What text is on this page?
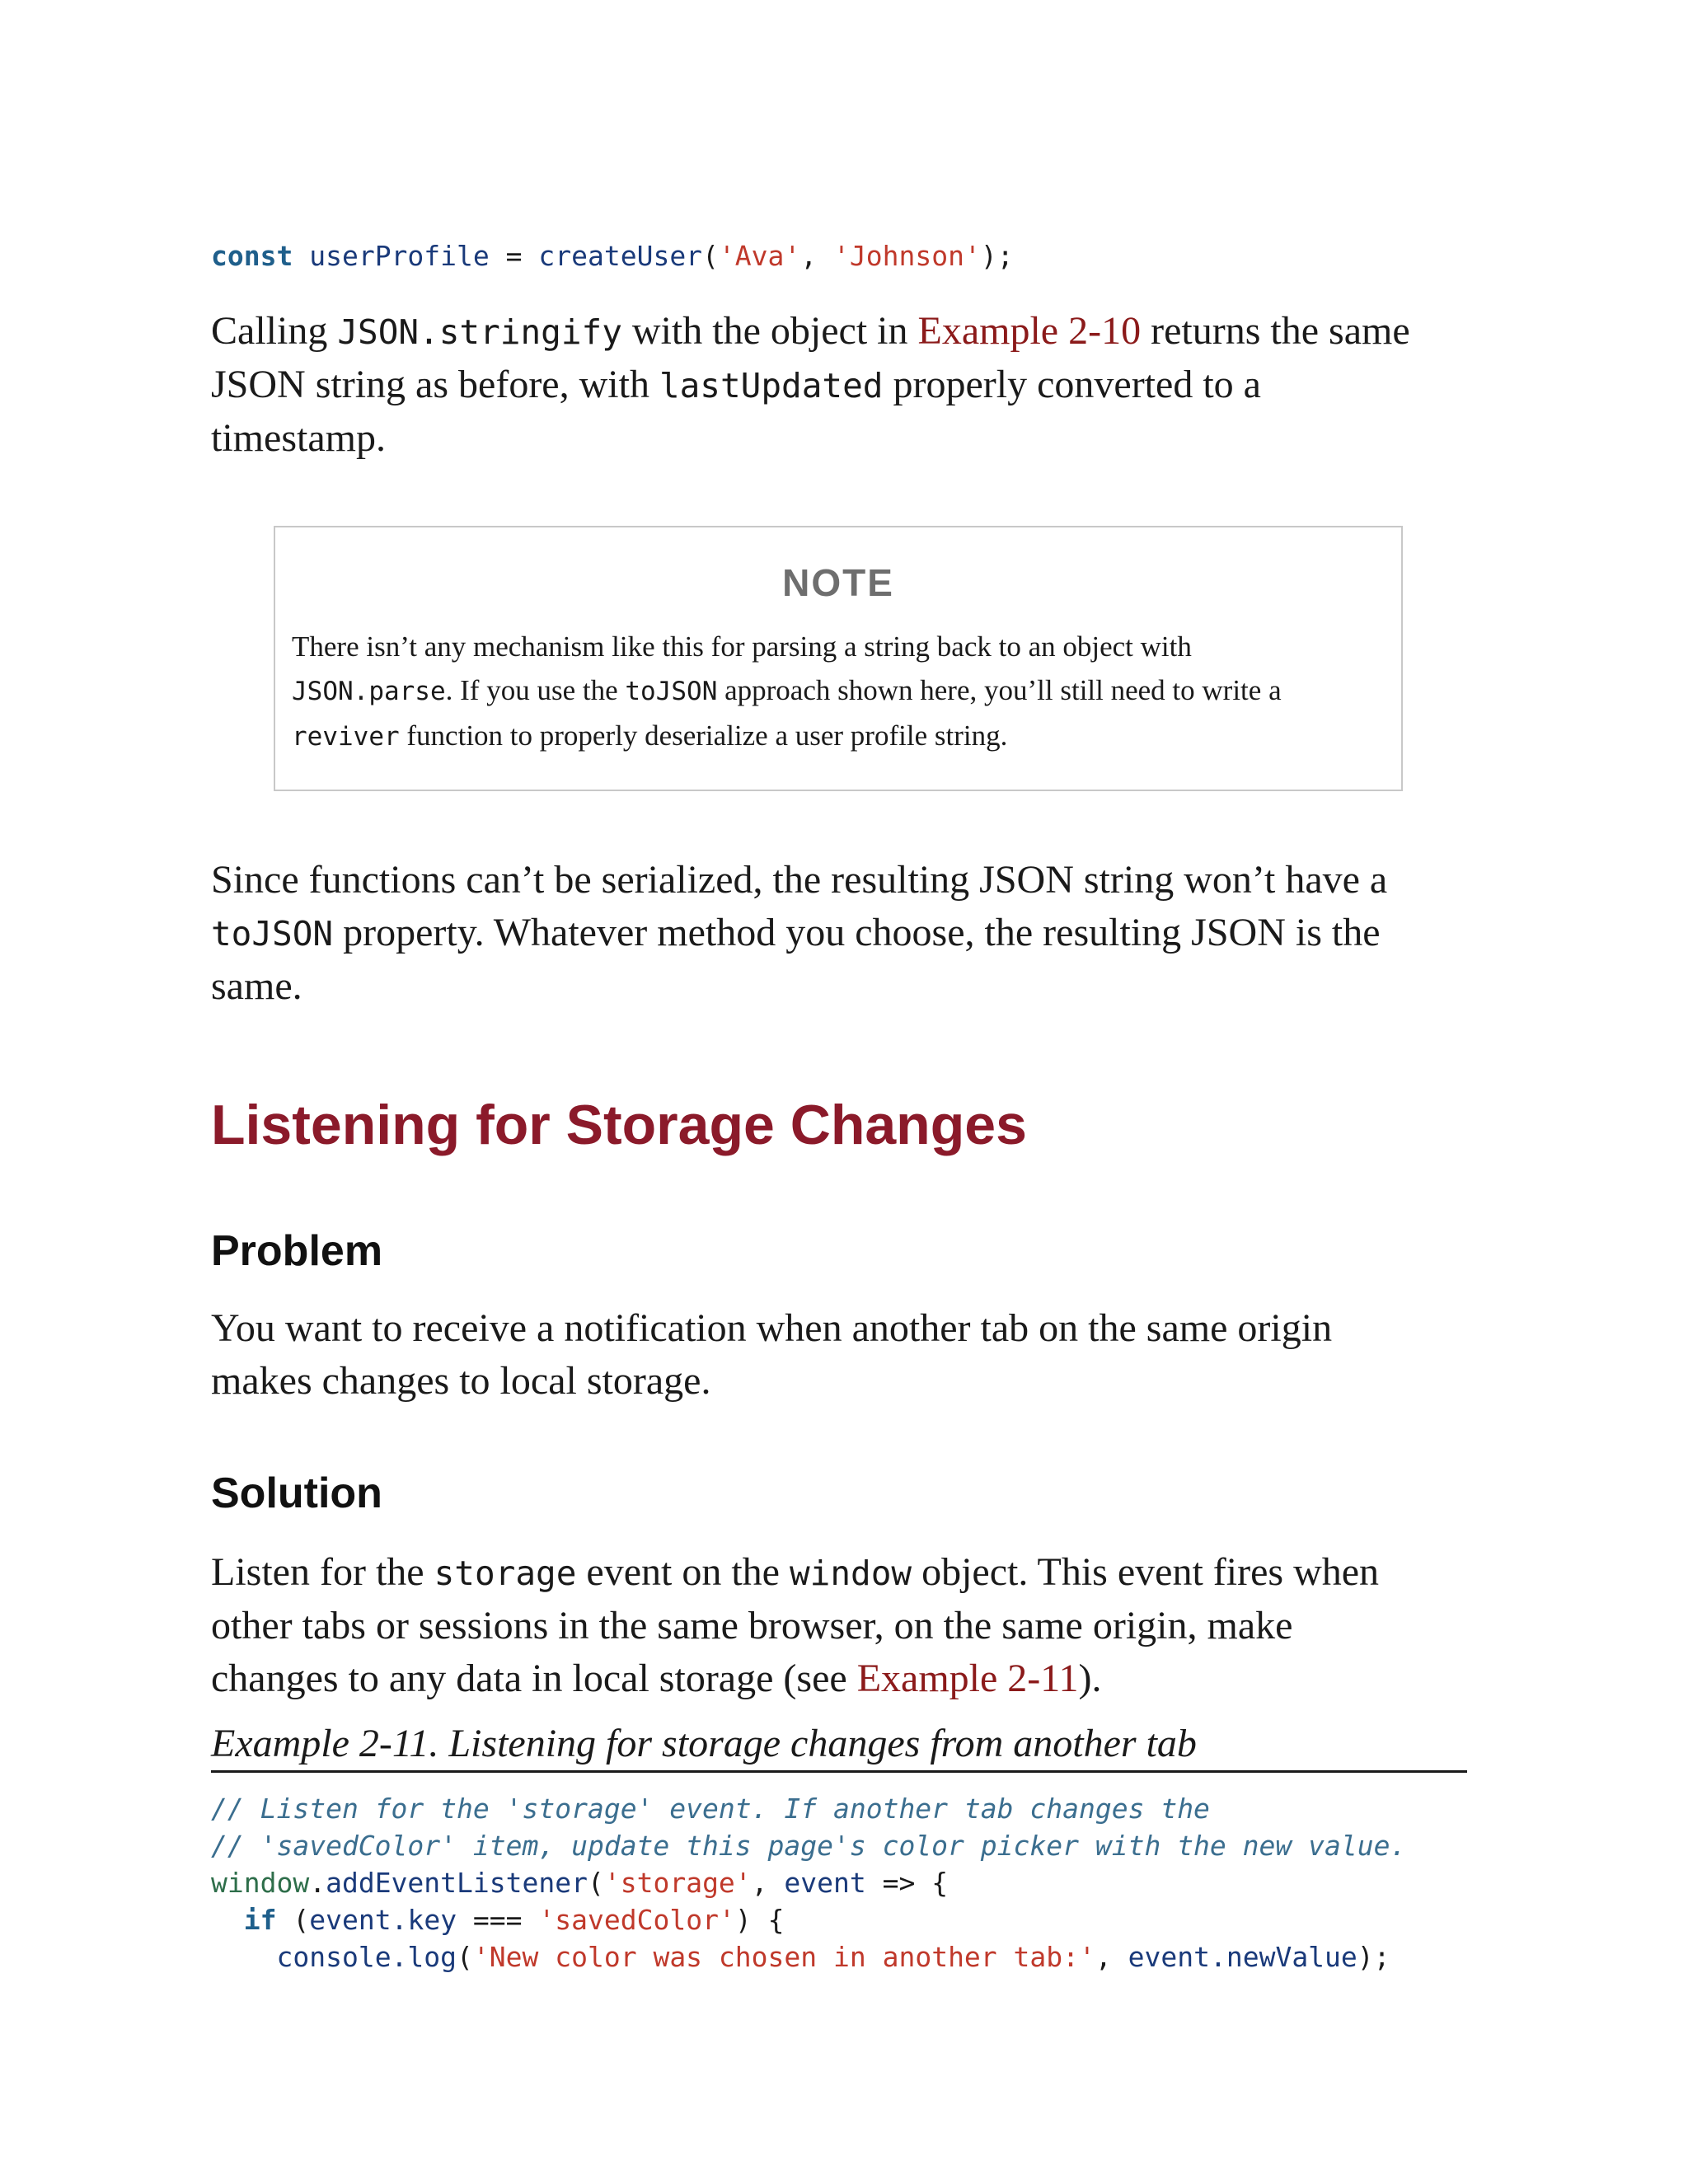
const userProfile = createUser('Ava', 'Johnson');
Calling JSON.stringify with the object in Example 2-10 returns the same
JSON string as before, with lastUpdated properly converted to a
timestamp.
NOTE
There isn’t any mechanism like this for parsing a string back to an object with
JSON.parse. If you use the toJSON approach shown here, you’ll still need to write a
reviver function to properly deserialize a user profile string.
Since functions can’t be serialized, the resulting JSON string won’t have a
toJSON property. Whatever method you choose, the resulting JSON is the
same.
Listening for Storage Changes
Problem
You want to receive a notification when another tab on the same origin
makes changes to local storage.
Solution
Listen for the storage event on the window object. This event fires when
other tabs or sessions in the same browser, on the same origin, make
changes to any data in local storage (see Example 2-11).
Example 2-11. Listening for storage changes from another tab
// Listen for the 'storage' event. If another tab changes the
// 'savedColor' item, update this page's color picker with the new value.
window.addEventListener('storage', event => {
if (event.key === 'savedColor') {
console.log('New color was chosen in another tab:', event.newValue);
